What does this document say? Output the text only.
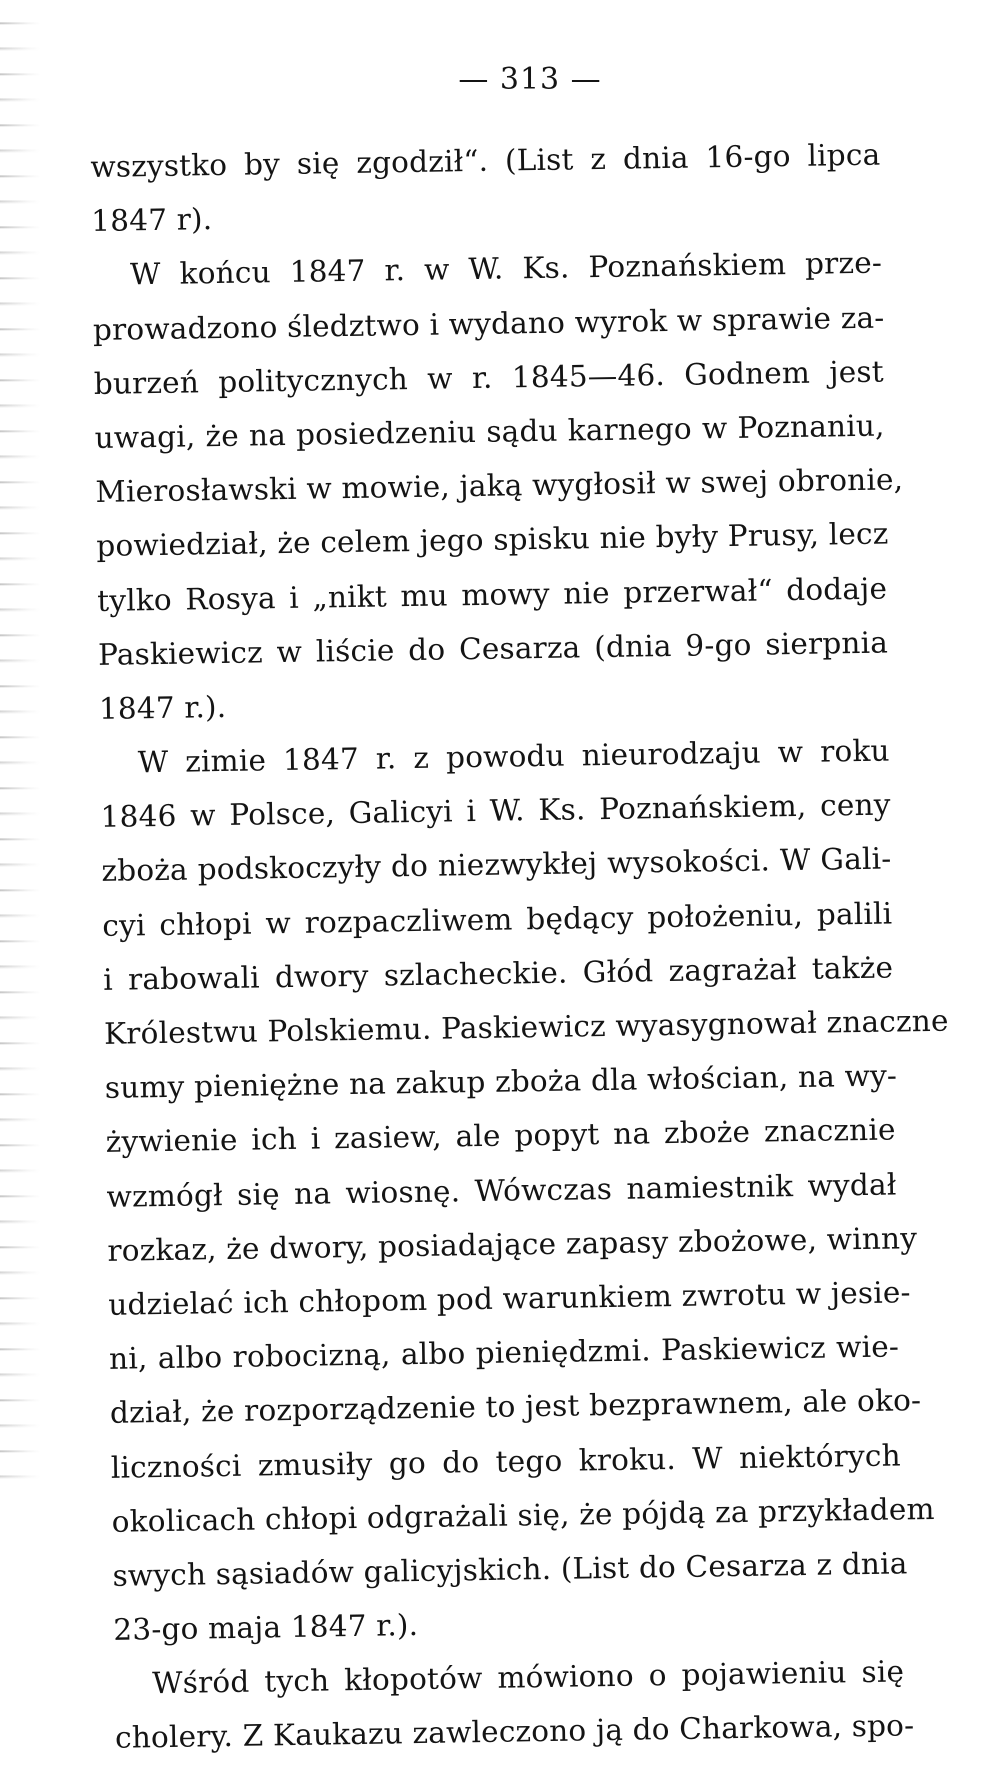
— 313 —
wszystko by się zgodził“. (List z dnia 16-go lipca
1847 r).
W końcu 1847 r. w W. Ks. Poznańskiem prze-
prowadzono śledztwo i wydano wyrok w sprawie za-
burzeń politycznych w r. 1845—46. Godnem jest
uwagi, że na posiedzeniu sądu karnego w Poznaniu,
Mierosławski w mowie, jaką wygłosił w swej obronie,
powiedział, że celem jego spisku nie były Prusy, lecz
tylko Rosya i „nikt mu mowy nie przerwał“ dodaje
Paskiewicz w liście do Cesarza (dnia 9-go sierpnia
1847 r.).
W zimie 1847 r. z powodu nieurodzaju w roku
1846 w Polsce, Galicyi i W. Ks. Poznańskiem, ceny
zboża podskoczyły do niezwykłej wysokości. W Gali-
cyi chłopi w rozpaczliwem będący położeniu, palili
i rabowali dwory szlacheckie. Głód zagrażał także
Królestwu Polskiemu. Paskiewicz wyasygnował znaczne
sumy pieniężne na zakup zboża dla włościan, na wy-
żywienie ich i zasiew, ale popyt na zboże znacznie
wzmógł się na wiosnę. Wówczas namiestnik wydał
rozkaz, że dwory, posiadające zapasy zbożowe, winny
udzielać ich chłopom pod warunkiem zwrotu w jesie-
ni, albo robocizną, albo pieniędzmi. Paskiewicz wie-
dział, że rozporządzenie to jest bezprawnem, ale oko-
liczności zmusiły go do tego kroku. W niektórych
okolicach chłopi odgrażali się, że pójdą za przykładem
swych sąsiadów galicyjskich. (List do Cesarza z dnia
23-go maja 1847 r.).
Wśród tych kłopotów mówiono o pojawieniu się
cholery. Z Kaukazu zawleczono ją do Charkowa, spo-
